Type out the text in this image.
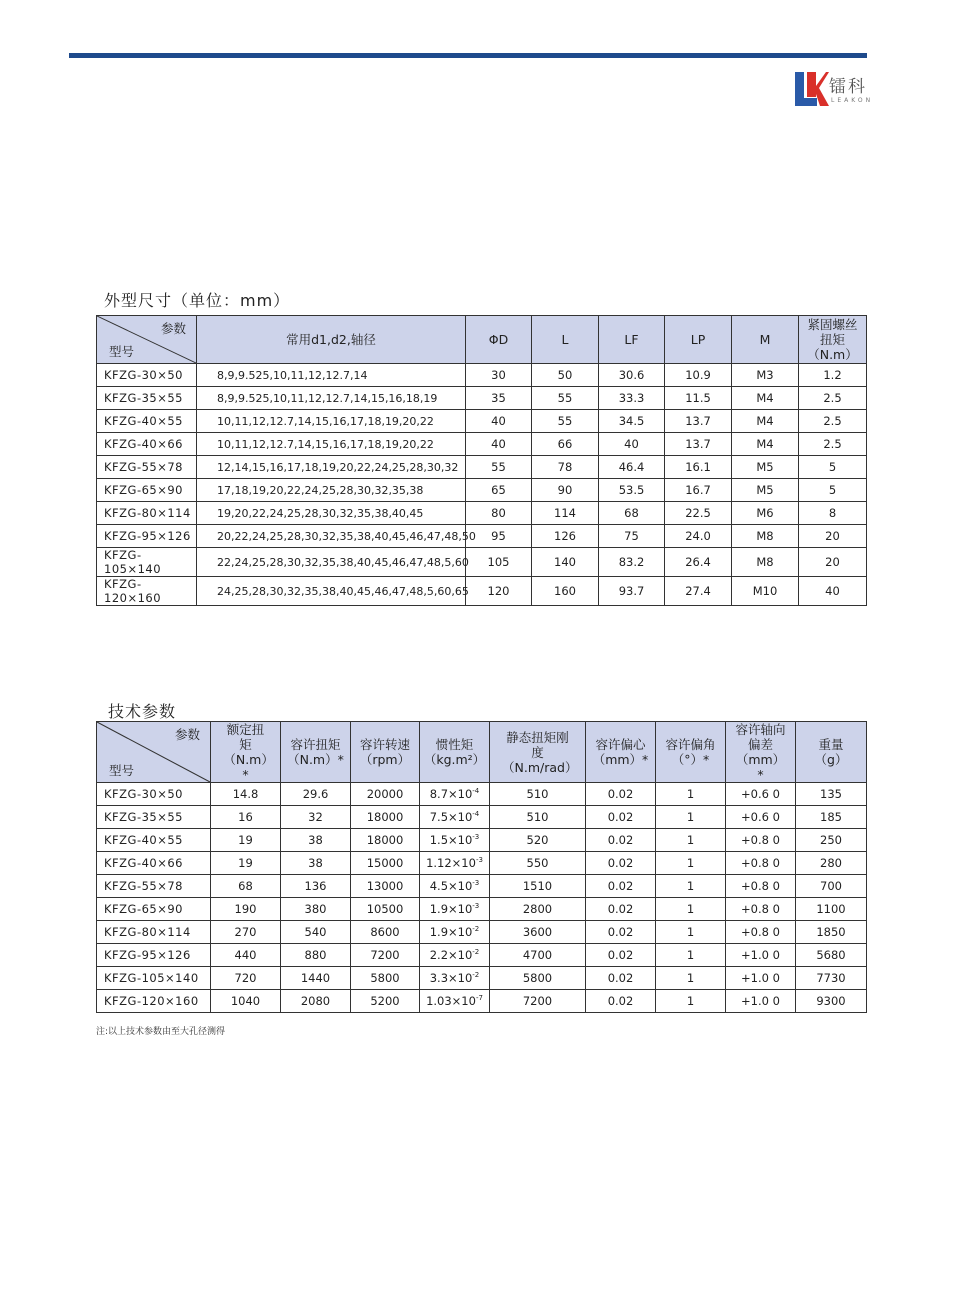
镭科
LEAKON
外型尺寸（单位：mm）
参数
型号	常用d1,d2,轴径	ΦD	L	LF	LP	M	紧固螺丝扭矩（N.m）
KFZG-30×50	8,9,9.525,10,11,12,12.7,14	30	50	30.6	10.9	M3	1.2
KFZG-35×55	8,9,9.525,10,11,12,12.7,14,15,16,18,19	35	55	33.3	11.5	M4	2.5
KFZG-40×55	10,11,12,12.7,14,15,16,17,18,19,20,22	40	55	34.5	13.7	M4	2.5
KFZG-40×66	10,11,12,12.7,14,15,16,17,18,19,20,22	40	66	40	13.7	M4	2.5
KFZG-55×78	12,14,15,16,17,18,19,20,22,24,25,28,30,32	55	78	46.4	16.1	M5	5
KFZG-65×90	17,18,19,20,22,24,25,28,30,32,35,38	65	90	53.5	16.7	M5	5
KFZG-80×114	19,20,22,24,25,28,30,32,35,38,40,45	80	114	68	22.5	M6	8
KFZG-95×126	20,22,24,25,28,30,32,35,38,40,45,46,47,48,50	95	126	75	24.0	M8	20
KFZG-105×140	22,24,25,28,30,32,35,38,40,45,46,47,48,5,60	105	140	83.2	26.4	M8	20
KFZG-120×160	24,25,28,30,32,35,38,40,45,46,47,48,5,60,65	120	160	93.7	27.4	M10	40
技术参数
参数
型号	额定扭矩（N.m）*	容许扭矩（N.m）*	容许转速（rpm）	惯性矩（kg.m²）	静态扭矩刚度（N.m/rad）	容许偏心（mm）*	容许偏角（°）*	容许轴向偏差（mm）*	重量（g）
KFZG-30×50	14.8	29.6	20000	$8.7\times 10^{-4}$	510	0.02	1	+0.6 0	135
KFZG-35×55	16	32	18000	$7.5\times 10^{-4}$	510	0.02	1	+0.6 0	185
KFZG-40×55	19	38	18000	$1.5\times 10^{-3}$	520	0.02	1	+0.8 0	250
KFZG-40×66	19	38	15000	$1.12\times 10^{-3}$	550	0.02	1	+0.8 0	280
KFZG-55×78	68	136	13000	$4.5\times 10^{-3}$	1510	0.02	1	+0.8 0	700
KFZG-65×90	190	380	10500	$1.9\times 10^{-3}$	2800	0.02	1	+0.8 0	1100
KFZG-80×114	270	540	8600	$1.9\times 10^{-2}$	3600	0.02	1	+0.8 0	1850
KFZG-95×126	440	880	7200	$2.2\times 10^{-2}$	4700	0.02	1	+1.0 0	5680
KFZG-105×140	720	1440	5800	$3.3\times 10^{-2}$	5800	0.02	1	+1.0 0	7730
KFZG-120×160	1040	2080	5200	$1.03\times 10^{-7}$	7200	0.02	1	+1.0 0	9300
注:以上技术参数由至大孔径测得
